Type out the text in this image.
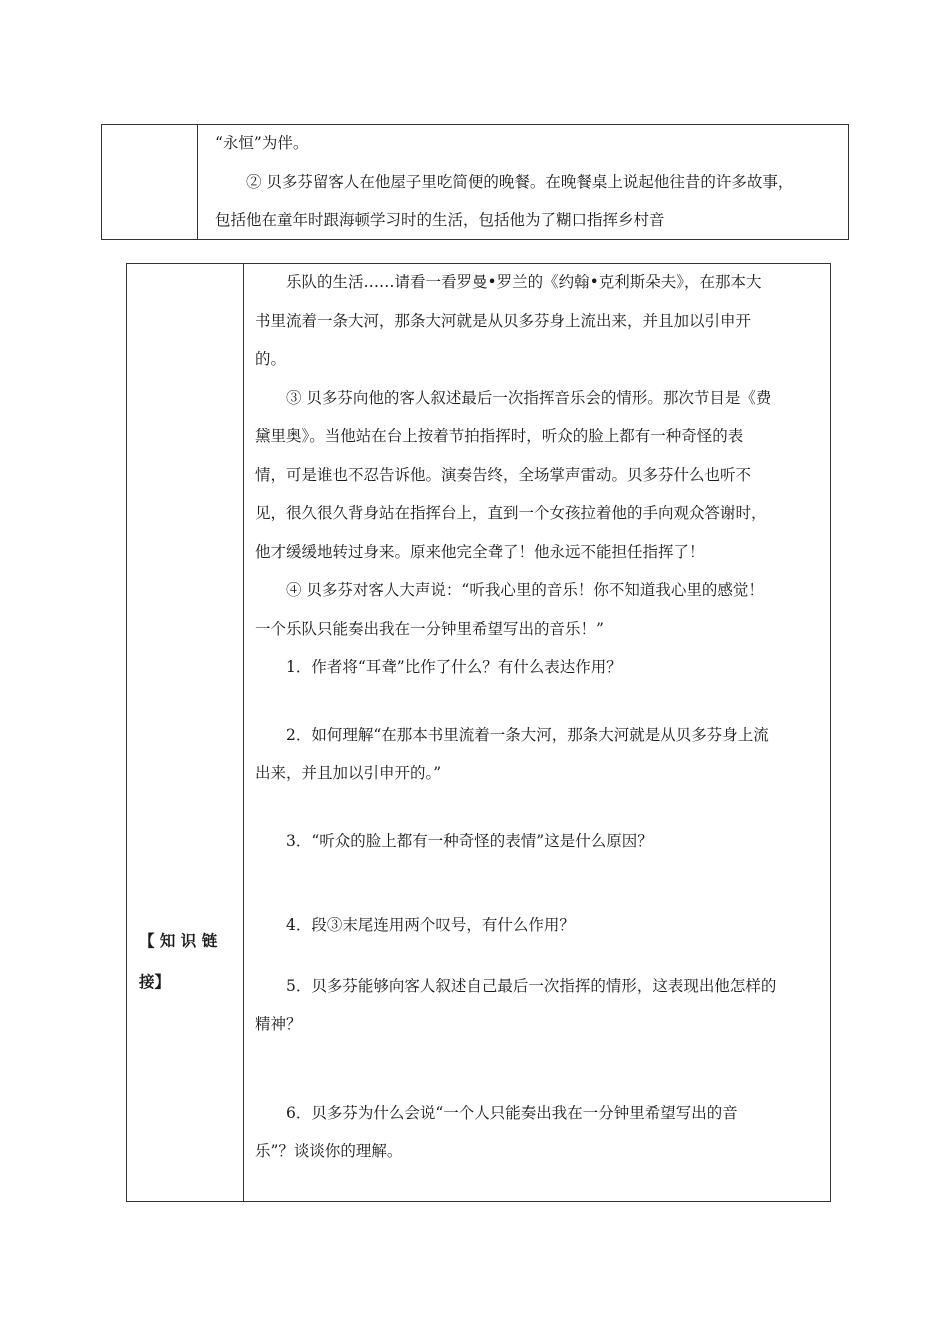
“永恒”为伴。

② 贝多芬留客人在他屋子里吃简便的晚餐。在晚餐桌上说起他往昔的许多故事，

包括他在童年时跟海顿学习时的生活，包括他为了糊口指挥乡村音

【 知 识 链
接】

乐队的生活……请看一看罗曼•罗兰的《约翰•克利斯朵夫》，在那本大

书里流着一条大河，那条大河就是从贝多芬身上流出来，并且加以引申开

的。

③ 贝多芬向他的客人叙述最后一次指挥音乐会的情形。那次节目是《费

黛里奥》。当他站在台上按着节拍指挥时，听众的脸上都有一种奇怪的表

情，可是谁也不忍告诉他。演奏告终，全场掌声雷动。贝多芬什么也听不

见，很久很久背身站在指挥台上，直到一个女孩拉着他的手向观众答谢时，

他才缓缓地转过身来。原来他完全聋了！他永远不能担任指挥了！

④ 贝多芬对客人大声说：“听我心里的音乐！你不知道我心里的感觉！

一个乐队只能奏出我在一分钟里希望写出的音乐！”

1．作者将“耳聋”比作了什么？有什么表达作用？

2．如何理解“在那本书里流着一条大河，那条大河就是从贝多芬身上流

出来，并且加以引申开的。”

3．“听众的脸上都有一种奇怪的表情”这是什么原因？

4．段③末尾连用两个叹号，有什么作用？

5．贝多芬能够向客人叙述自己最后一次指挥的情形，这表现出他怎样的

精神？

6．贝多芬为什么会说“一个人只能奏出我在一分钟里希望写出的音

乐”？谈谈你的理解。
